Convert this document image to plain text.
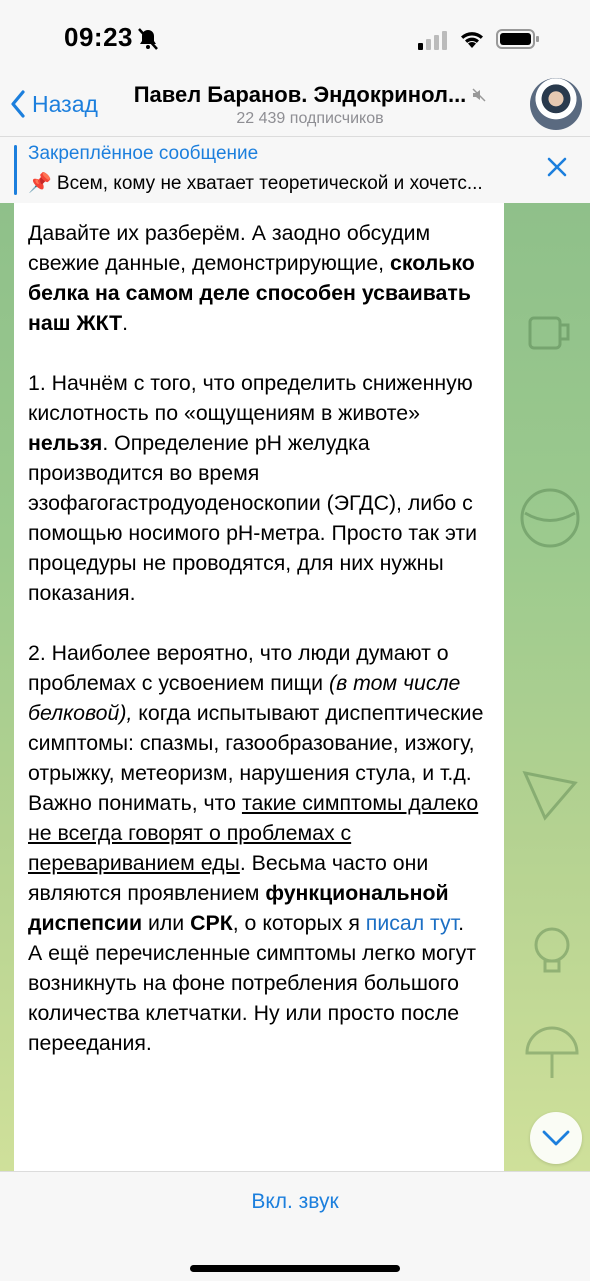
09:23
Назад Павел Баранов. Эндокринол...
22 439 подписчиков
Закреплённое сообщение
📌 Всем, кому не хватает теоретической и хочетс...

Давайте их разберём. А заодно обсудим свежие данные, демонстрирующие, сколько белка на самом деле способен усваивать наш ЖКТ.

1. Начнём с того, что определить сниженную кислотность по «ощущениям в животе» нельзя. Определение pH желудка производится во время эзофагогастродуоденоскопии (ЭГДС), либо с помощью носимого pH-метра. Просто так эти процедуры не проводятся, для них нужны показания.

2. Наиболее вероятно, что люди думают о проблемах с усвоением пищи (в том числе белковой), когда испытывают диспептические симптомы: спазмы, газообразование, изжогу, отрыжку, метеоризм, нарушения стула, и т.д.
Важно понимать, что такие симптомы далеко не всегда говорят о проблемах с перевариванием еды. Весьма часто они являются проявлением функциональной диспепсии или СРК, о которых я писал тут.
А ещё перечисленные симптомы легко могут возникнуть на фоне потребления большого количества клетчатки. Ну или просто после переедания.

Вкл. звук
